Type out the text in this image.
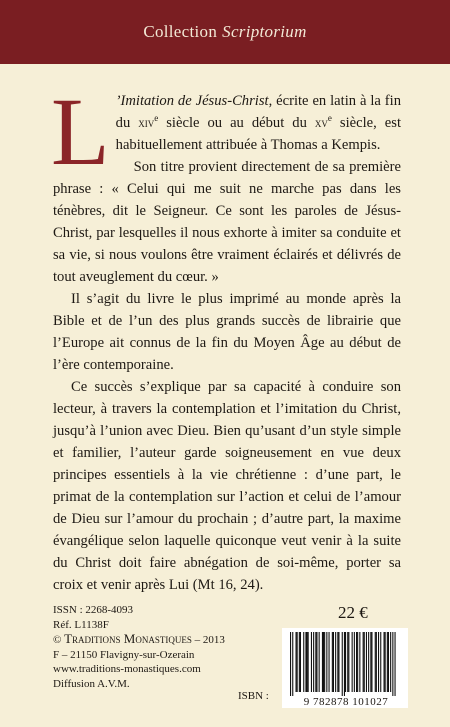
Collection Scriptorium

L ’Imitation de Jésus-Christ, écrite en latin à la fin du xiv$^e$ siècle ou au début du $xv^e$ siècle, est habituellement attribuée à Thomas a Kempis.

Son titre provient directement de sa première phrase : « Celui qui me suit ne marche pas dans les ténèbres, dit le Seigneur. Ce sont les paroles de Jésus-Christ, par lesquelles il nous exhorte à imiter sa conduite et sa vie, si nous voulons être vraiment éclairés et délivrés de tout aveuglement du cœur. »

Il s’agit du livre le plus imprimé au monde après la Bible et de l’un des plus grands succès de librairie que l’Europe ait connus de la fin du Moyen Âge au début de l’ère contemporaine.

Ce succès s’explique par sa capacité à conduire son lecteur, à travers la contemplation et l’imitation du Christ, jusqu’à l’union avec Dieu. Bien qu’usant d’un style simple et familier, l’auteur garde soigneusement en vue deux principes essentiels à la vie chrétienne : d’une part, le primat de la contemplation sur l’action et celui de l’amour de Dieu sur l’amour du prochain ; d’autre part, la maxime évangélique selon laquelle quiconque veut venir à la suite du Christ doit faire abnégation de soi-même, porter sa croix et venir après Lui (Mt 16, 24).

ISSN : 2268-4093
Réf. L1138F
© Traditions Monastiques – 2013
F – 21150 Flavigny-sur-Ozerain
www.traditions-monastiques.com
Diffusion A.V.M.
22 €
ISBN :	9 782878 101027
